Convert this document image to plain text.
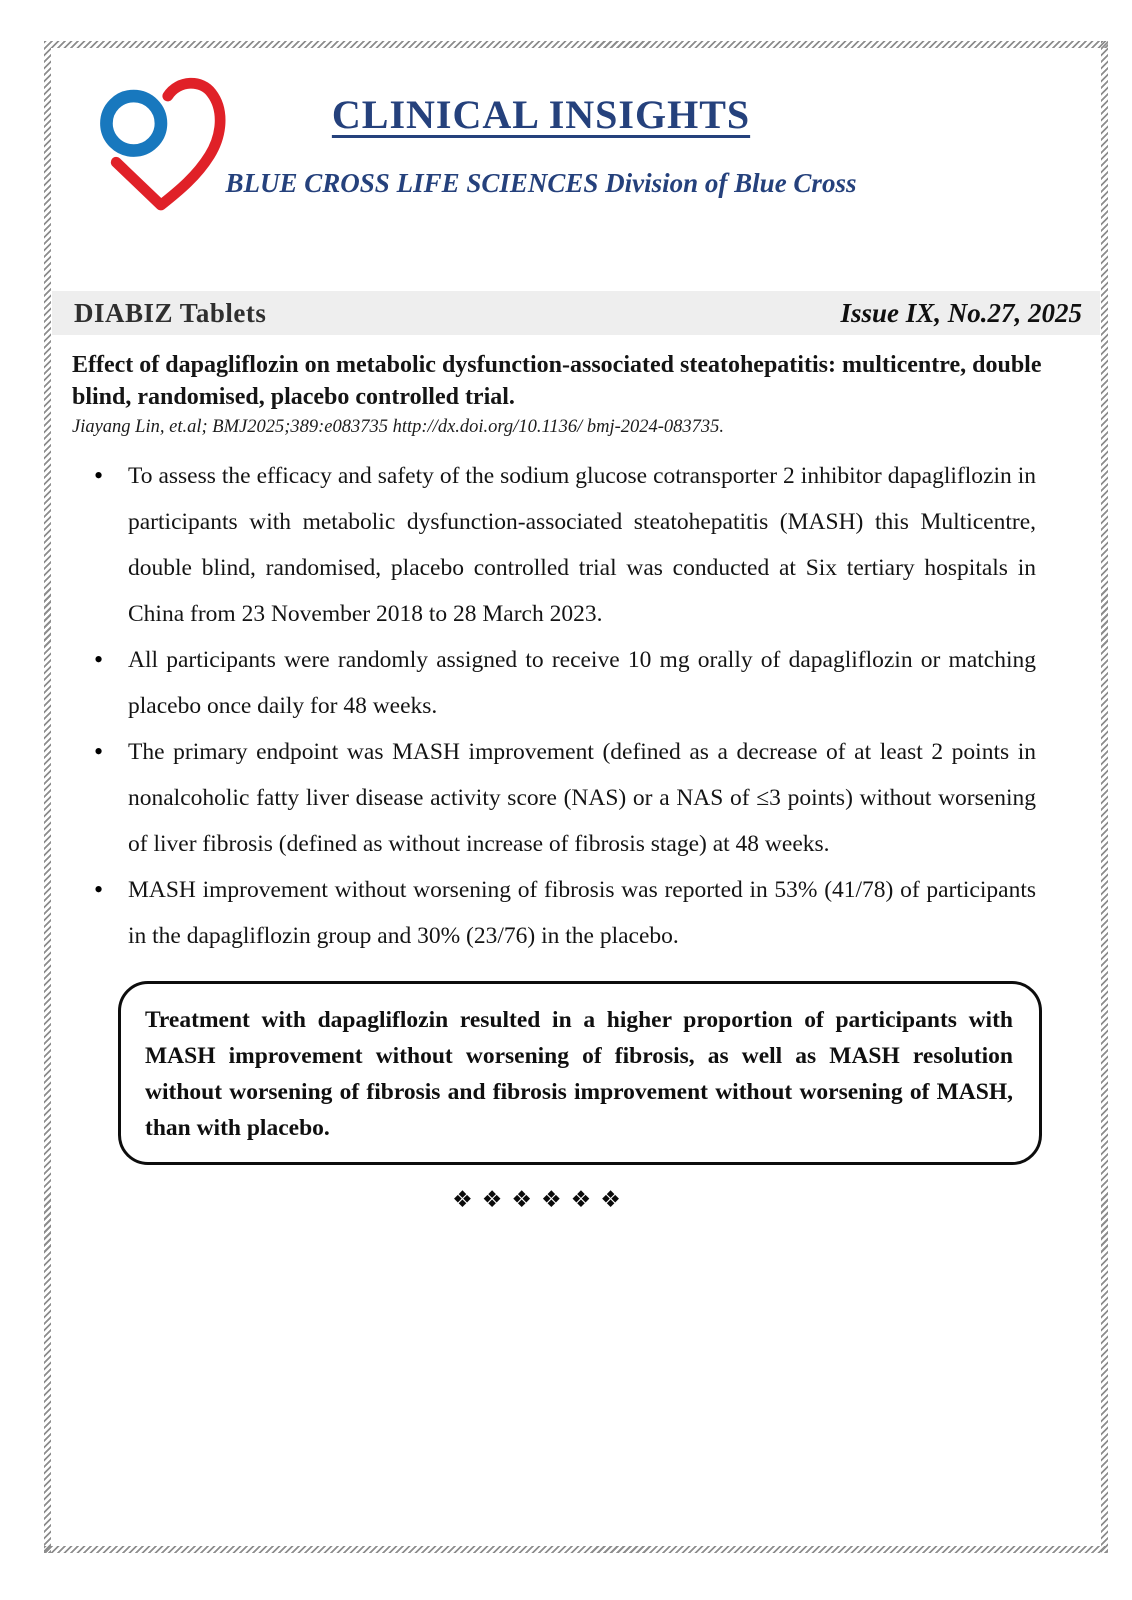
CLINICAL INSIGHTS
BLUE CROSS LIFE SCIENCES Division of Blue Cross
DIABIZ Tablets	Issue IX, No.27, 2025
Effect of dapagliflozin on metabolic dysfunction-associated steatohepatitis: multicentre, double blind, randomised, placebo controlled trial.
Jiayang Lin, et.al; BMJ2025;389:e083735 http://dx.doi.org/10.1136/ bmj-2024-083735.
• To assess the efficacy and safety of the sodium glucose cotransporter 2 inhibitor dapagliflozin in participants with metabolic dysfunction-associated steatohepatitis (MASH) this Multicentre, double blind, randomised, placebo controlled trial was conducted at Six tertiary hospitals in China from 23 November 2018 to 28 March 2023.
• All participants were randomly assigned to receive 10 mg orally of dapagliflozin or matching placebo once daily for 48 weeks.
• The primary endpoint was MASH improvement (defined as a decrease of at least 2 points in nonalcoholic fatty liver disease activity score (NAS) or a NAS of ≤3 points) without worsening of liver fibrosis (defined as without increase of fibrosis stage) at 48 weeks.
• MASH improvement without worsening of fibrosis was reported in 53% (41/78) of participants in the dapagliflozin group and 30% (23/76) in the placebo.

Treatment with dapagliflozin resulted in a higher proportion of participants with MASH improvement without worsening of fibrosis, as well as MASH resolution without worsening of fibrosis and fibrosis improvement without worsening of MASH, than with placebo.

❖❖❖❖❖❖
